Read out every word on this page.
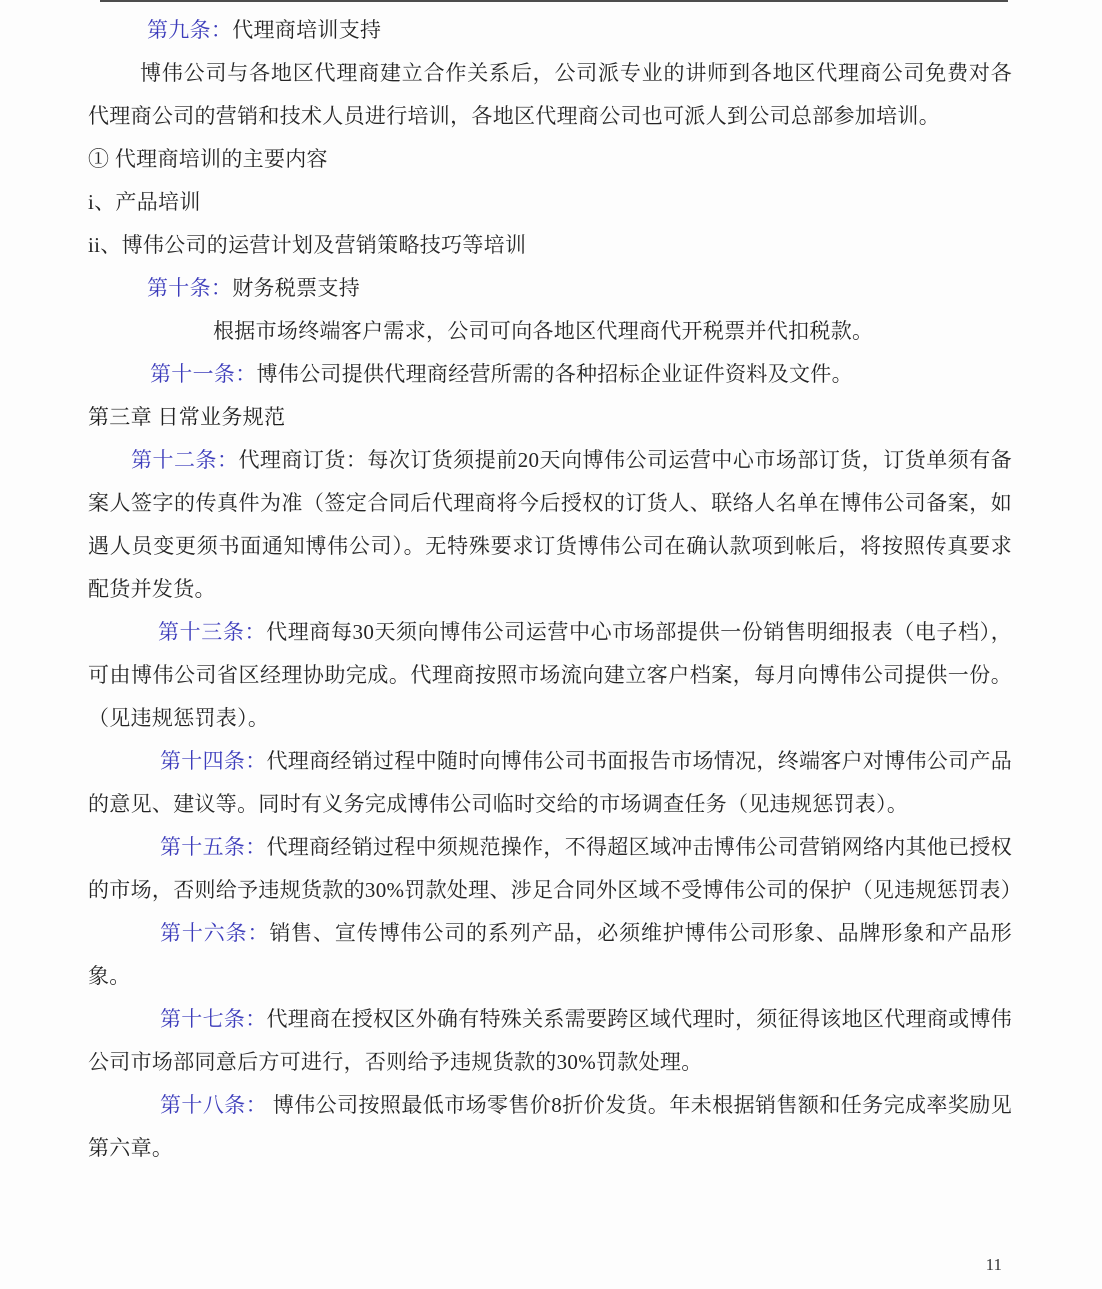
第九条：代理商培训支持

博伟公司与各地区代理商建立合作关系后，公司派专业的讲师到各地区代理商公司免费对各代理商公司的营销和技术人员进行培训，各地区代理商公司也可派人到公司总部参加培训。

① 代理商培训的主要内容

i、产品培训

ii、博伟公司的运营计划及营销策略技巧等培训

第十条：财务税票支持

根据市场终端客户需求，公司可向各地区代理商代开税票并代扣税款。

第十一条：博伟公司提供代理商经营所需的各种招标企业证件资料及文件。

第三章 日常业务规范

第十二条：代理商订货：每次订货须提前20天向博伟公司运营中心市场部订货，订货单须有备案人签字的传真件为准（签定合同后代理商将今后授权的订货人、联络人名单在博伟公司备案，如遇人员变更须书面通知博伟公司）。无特殊要求订货博伟公司在确认款项到帐后，将按照传真要求配货并发货。

第十三条：代理商每30天须向博伟公司运营中心市场部提供一份销售明细报表（电子档），可由博伟公司省区经理协助完成。代理商按照市场流向建立客户档案，每月向博伟公司提供一份。（见违规惩罚表）。

第十四条：代理商经销过程中随时向博伟公司书面报告市场情况，终端客户对博伟公司产品的意见、建议等。同时有义务完成博伟公司临时交给的市场调查任务（见违规惩罚表）。

第十五条：代理商经销过程中须规范操作，不得超区域冲击博伟公司营销网络内其他已授权的市场，否则给予违规货款的30%罚款处理、涉足合同外区域不受博伟公司的保护（见违规惩罚表）

第十六条：销售、宣传博伟公司的系列产品，必须维护博伟公司形象、品牌形象和产品形象。

第十七条：代理商在授权区外确有特殊关系需要跨区域代理时，须征得该地区代理商或博伟公司市场部同意后方可进行，否则给予违规货款的30%罚款处理。

第十八条： 博伟公司按照最低市场零售价8折价发货。年未根据销售额和任务完成率奖励见第六章。

11
